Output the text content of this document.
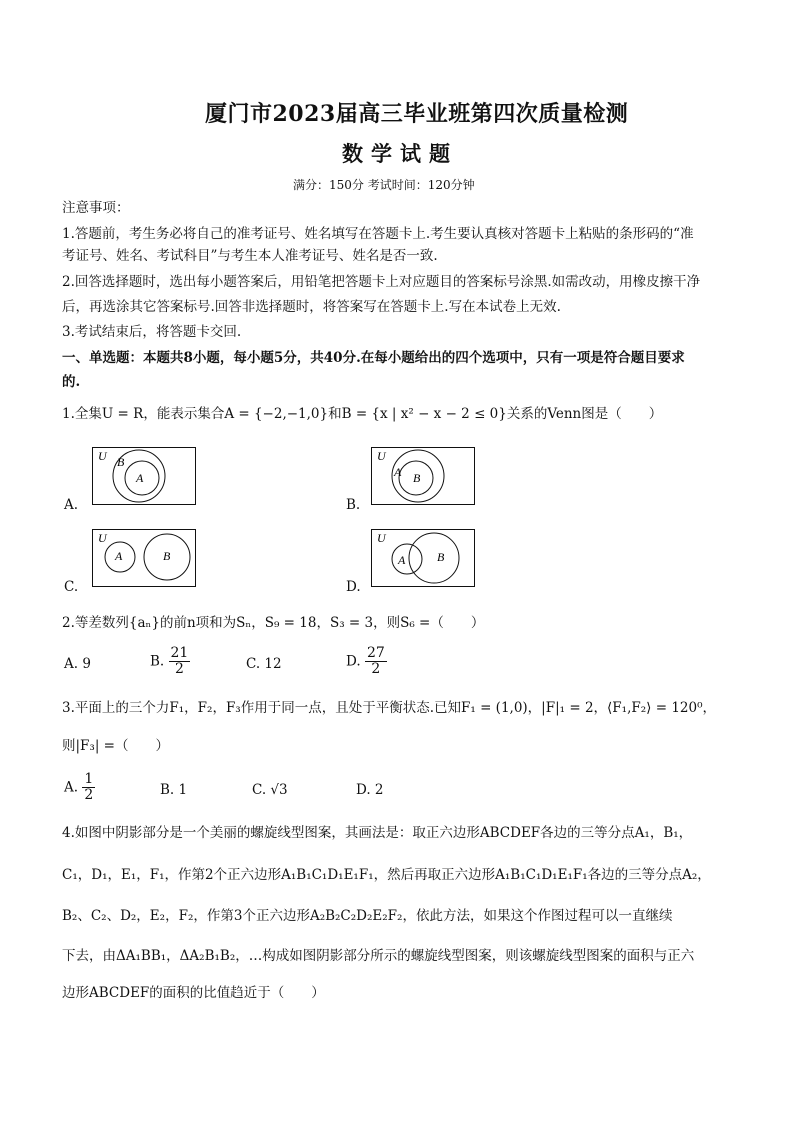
厦门市2023届高三毕业班第四次质量检测
数学试题
满分：150分 考试时间：120分钟
注意事项：
1.答题前，考生务必将自己的准考证号、姓名填写在答题卡上.考生要认真核对答题卡上粘贴的条形码的“准
考证号、姓名、考试科目”与考生本人准考证号、姓名是否一致.
2.回答选择题时，选出每小题答案后，用铅笔把答题卡上对应题目的答案标号涂黑.如需改动，用橡皮擦干净
后，再选涂其它答案标号.回答非选择题时，将答案写在答题卡上.写在本试卷上无效.
3.考试结束后，将答题卡交回.
一、单选题：本题共8小题，每小题5分，共40分.在每小题给出的四个选项中，只有一项是符合题目要求
的.
1.全集U = R，能表示集合A = {−2,−1,0}和B = {x | x² − x − 2 ≤ 0}关系的Venn图是（　　）
U B
A
A.
U
A B
B.
U
A	B
C.
U
A	B
D.
2.等差数列{aₙ}的前n项和为Sₙ，S₉ = 18，S₃ = 3，则S₆ =（　　）
A. 9	B. $\frac{21}{2}$	C. 12	D. $\frac{27}{2}$
3.平面上的三个力F₁，F₂，F₃作用于同一点，且处于平衡状态.已知F₁ = (1,0)，|F|₁ = 2，⟨F₁,F₂⟩ = 120⁰，
则|F₃| =（　　）
A. $\frac{1}{2}$	B. 1	C. √3	D. 2
4.如图中阴影部分是一个美丽的螺旋线型图案，其画法是：取正六边形ABCDEF各边的三等分点A₁，B₁，
C₁，D₁，E₁，F₁，作第2个正六边形A₁B₁C₁D₁E₁F₁，然后再取正六边形A₁B₁C₁D₁E₁F₁各边的三等分点A₂，
B₂、C₂、D₂，E₂，F₂，作第3个正六边形A₂B₂C₂D₂E₂F₂，依此方法，如果这个作图过程可以一直继续
下去，由ΔA₁BB₁，ΔA₂B₁B₂，…构成如图阴影部分所示的螺旋线型图案，则该螺旋线型图案的面积与正六
边形ABCDEF的面积的比值趋近于（　　）
